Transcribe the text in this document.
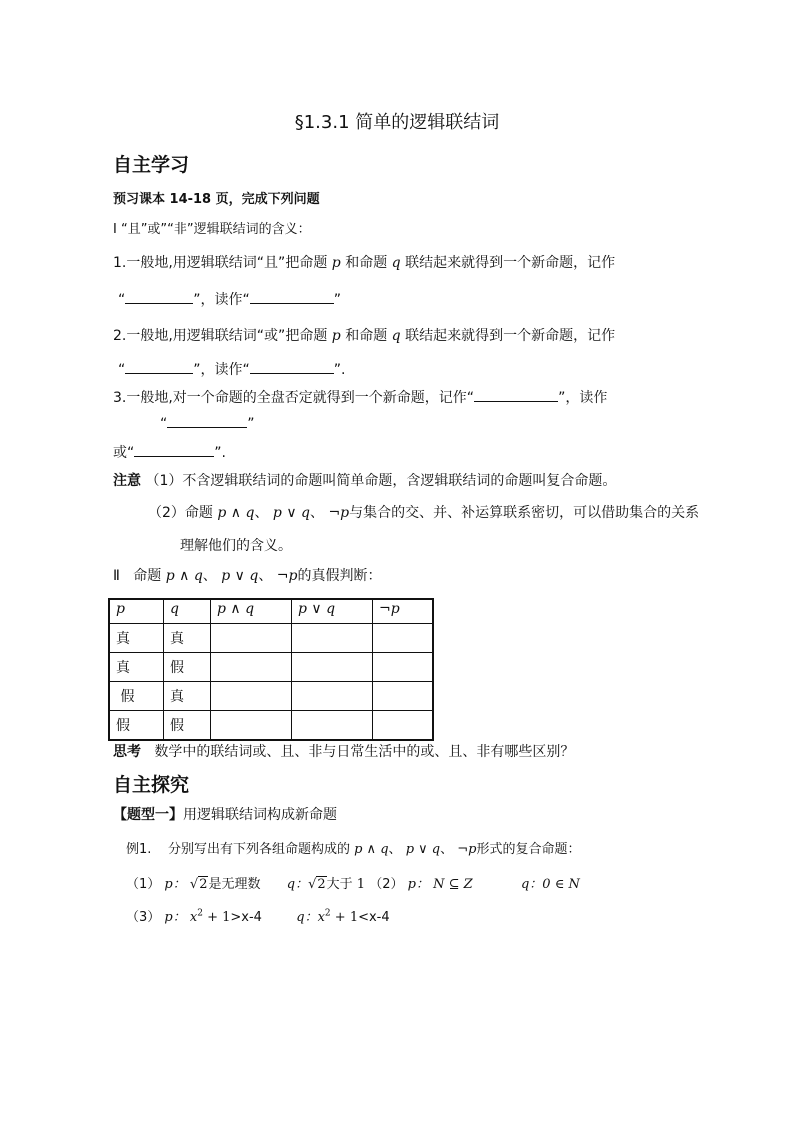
§1.3.1 简单的逻辑联结词
自主学习
预习课本 14-18 页，完成下列问题
Ⅰ “且”或”“非”逻辑联结词的含义：
1.一般地,用逻辑联结词“且”把命题 p 和命题 q 联结起来就得到一个新命题，记作
“	”，读作“	”
2.一般地,用逻辑联结词“或”把命题 p 和命题 q 联结起来就得到一个新命题，记作
“	”，读作“	”.
3.一般地,对一个命题的全盘否定就得到一个新命题，记作“	”，读作
“	”
或“	”.
注意 （1）不含逻辑联结词的命题叫简单命题，含逻辑联结词的命题叫复合命题。
（2）命题 p ∧ q、 p ∨ q、 ¬p与集合的交、并、补运算联系密切，可以借助集合的关系
理解他们的含义。
Ⅱ 命题 p ∧ q、 p ∨ q、 ¬p的真假判断：
p	q	p ∧ q	p ∨ q	¬p
真	真			
真	假			
假	真			
假	假			
思考 数学中的联结词或、且、非与日常生活中的或、且、非有哪些区别？
自主探究
【题型一】用逻辑联结词构成新命题
例1. 分别写出有下列各组命题构成的 p ∧ q、 p ∨ q、 ¬p形式的复合命题：
（1） p： √2是无理数 q：√2大于 1 （2） p： N ⊆ Z	q：0 ∈ N
（3） p： $x^2 + 1>x-4$	q：$x^2 + 1<x-4$
